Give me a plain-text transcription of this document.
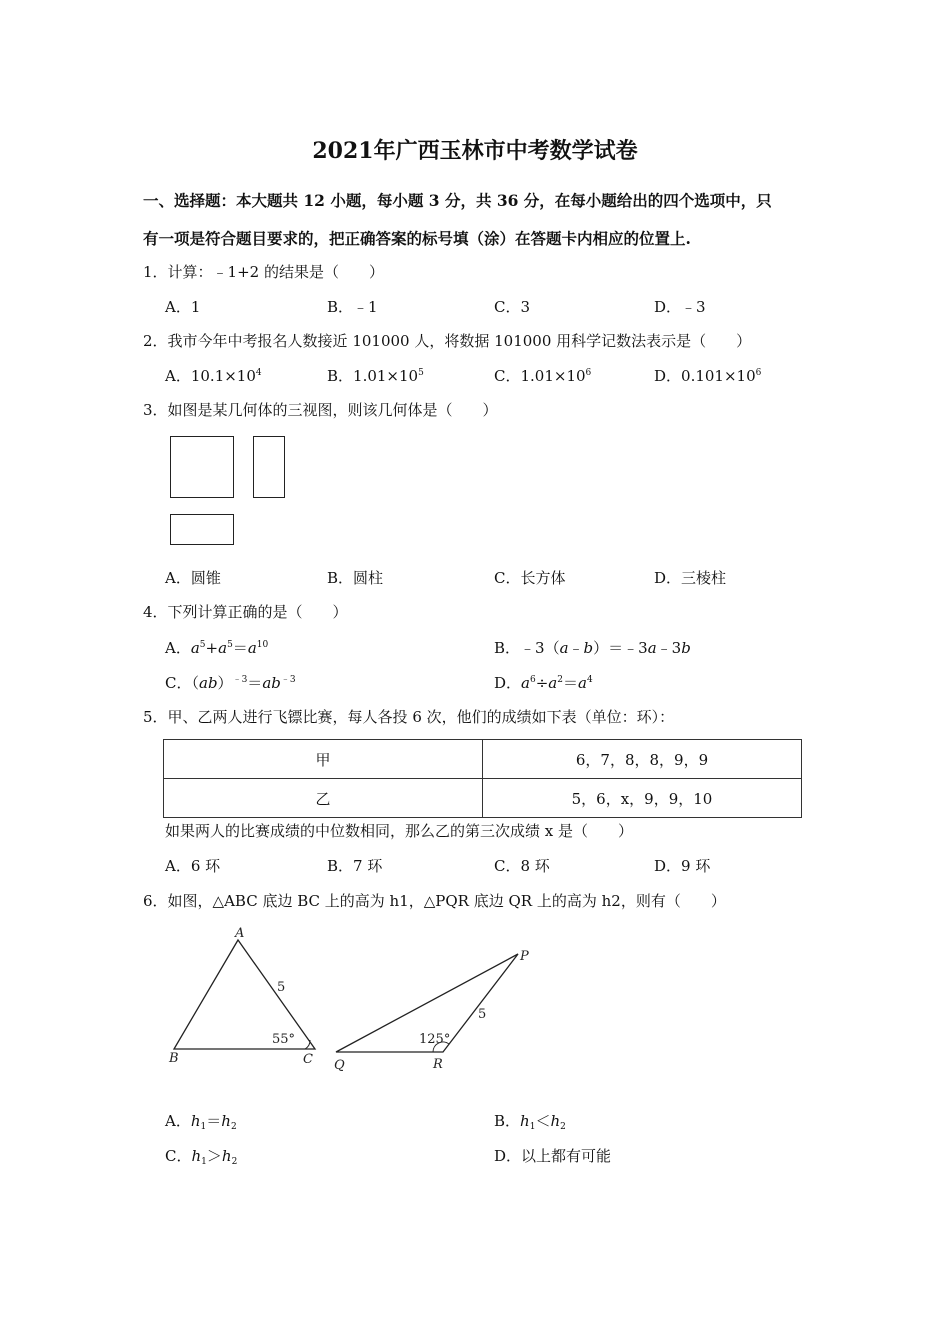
2021年广西玉林市中考数学试卷
一、选择题：本大题共 12 小题，每小题 3 分，共 36 分，在每小题给出的四个选项中，只
有一项是符合题目要求的，把正确答案的标号填（涂）在答题卡内相应的位置上.
1．计算：﹣1+2 的结果是（　　）
A．1	B．﹣1	C．3	D．﹣3
2．我市今年中考报名人数接近 101000 人，将数据 101000 用科学记数法表示是（　　）
A．$10.1\times 10^4$	B．$1.01\times 10^5$	C．$1.01\times 10^6$	D．$0.101\times 10^6$
3．如图是某几何体的三视图，则该几何体是（　　）
A．圆锥	B．圆柱	C．长方体	D．三棱柱
4．下列计算正确的是（　　）
A．$a^5+a^5=a^{10}$	B．﹣3（a﹣b）＝﹣3a﹣3b
C．$(ab)^{﹣3}=ab^{﹣3}$	D．$a^6\div a^2=a^4$
5．甲、乙两人进行飞镖比赛，每人各投 6 次，他们的成绩如下表（单位：环）：
甲	6，7，8，8，9，9
乙	5，6，x，9，9，10
如果两人的比赛成绩的中位数相同，那么乙的第三次成绩 x 是（　　）
A．6 环	B．7 环	C．8 环	D．9 环
6．如图，△ABC 底边 BC 上的高为 h1，△PQR 底边 QR 上的高为 h2，则有（　　）
A
B	C
5
55°
P
Q	R
5
125°
A．$h_1=h_2$	B．$h_1<h_2$
C．$h_1>h_2$	D．以上都有可能
